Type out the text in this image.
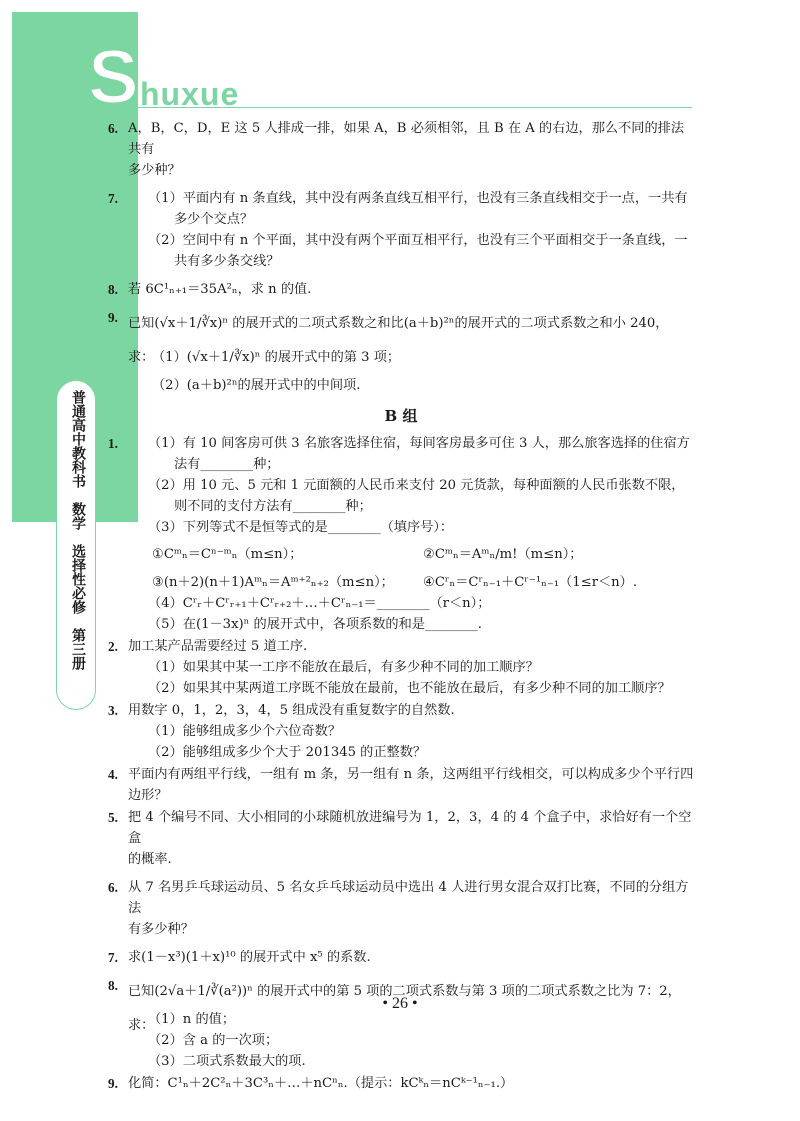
S huxue
普通高中教科书　数学　选择性必修　第三册
6. A，B，C，D，E 这 5 人排成一排，如果 A，B 必须相邻，且 B 在 A 的右边，那么不同的排法共有
多少种？
7.	（1）平面内有 n 条直线，其中没有两条直线互相平行，也没有三条直线相交于一点，一共有多少个交点？

（2）空间中有 n 个平面，其中没有两个平面互相平行，也没有三个平面相交于一条直线，一共有多少条交线？

8. 若 6C¹ₙ₊₁＝35A²ₙ，求 n 的值.
9. 已知(√x＋1/∛x)ⁿ 的展开式的二项式系数之和比(a＋b)²ⁿ的展开式的二项式系数之和小 240，求：
（1）(√x＋1/∛x)ⁿ 的展开式中的第 3 项；
（2）(a＋b)²ⁿ的展开式中的中间项.
B 组
1.	（1）有 10 间客房可供 3 名旅客选择住宿，每间客房最多可住 3 人，那么旅客选择的住宿方法有________种；

（2）用 10 元、5 元和 1 元面额的人民币来支付 20 元货款，每种面额的人民币张数不限，则不同的支付方法有________种；

（3）下列等式不是恒等式的是________（填序号）：

①Cᵐₙ＝Cⁿ⁻ᵐₙ（m≤n）；	②Cᵐₙ＝Aᵐₙ/m!（m≤n）；
③(n＋2)(n＋1)Aᵐₙ＝Aᵐ⁺²ₙ₊₂（m≤n）；	④Cʳₙ＝Cʳₙ₋₁＋Cʳ⁻¹ₙ₋₁（1≤r＜n）.

（4）Cʳᵣ＋Cʳᵣ₊₁＋Cʳᵣ₊₂＋…＋Cʳₙ₋₁＝________（r＜n）；

（5）在(1－3x)ⁿ 的展开式中，各项系数的和是________.

2. 加工某产品需要经过 5 道工序.

（1）如果其中某一工序不能放在最后，有多少种不同的加工顺序？

（2）如果其中某两道工序既不能放在最前，也不能放在最后，有多少种不同的加工顺序？

3. 用数字 0，1，2，3，4，5 组成没有重复数字的自然数.

（1）能够组成多少个六位奇数？

（2）能够组成多少个大于 201345 的正整数？

4. 平面内有两组平行线，一组有 m 条，另一组有 n 条，这两组平行线相交，可以构成多少个平行四边形？
5. 把 4 个编号不同、大小相同的小球随机放进编号为 1，2，3，4 的 4 个盒子中，求恰好有一个空盒
的概率.
6. 从 7 名男乒乓球运动员、5 名女乒乓球运动员中选出 4 人进行男女混合双打比赛，不同的分组方法
有多少种？
7. 求(1－x³)(1＋x)¹⁰ 的展开式中 x⁵ 的系数.
8. 已知(2√a＋1/∛(a²))ⁿ 的展开式中的第 5 项的二项式系数与第 3 项的二项式系数之比为 7：2，求：

（1）n 的值；

（2）含 a 的一次项；

（3）二项式系数最大的项.

9. 化简：C¹ₙ＋2C²ₙ＋3C³ₙ＋…＋nCⁿₙ.（提示：kCᵏₙ＝nCᵏ⁻¹ₙ₋₁.）
• 26 •
